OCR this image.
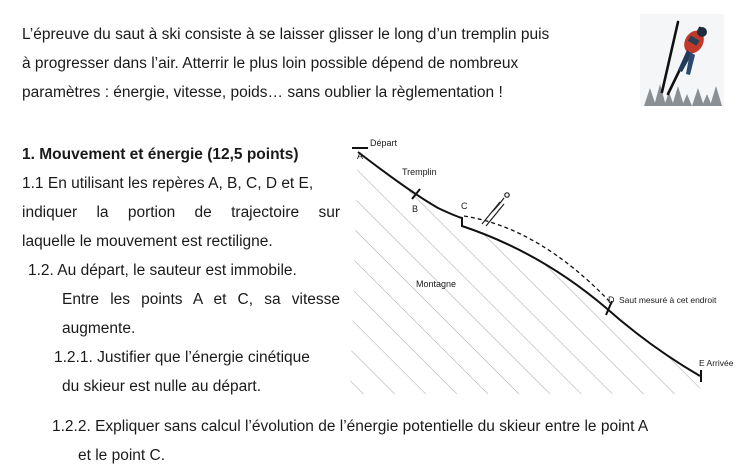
L’épreuve du saut à ski consiste à se laisser glisser le long d’un tremplin puis
à progresser dans l’air. Atterrir le plus loin possible dépend de nombreux
paramètres : énergie, vitesse, poids… sans oublier la règlementation !
1. Mouvement et énergie (12,5 points)
1.1 En utilisant les repères A, B, C, D et E,
indiquer la portion de trajectoire sur
laquelle le mouvement est rectiligne.
1.2. Au départ, le sauteur est immobile.
Entre les points A et C, sa vitesse
augmente.
1.2.1. Justifier que l’énergie cinétique
du skieur est nulle au départ.
Départ
A
Tremplin
B	C
Montagne
D Saut mesuré à cet endroit
E Arrivée
1.2.2. Expliquer sans calcul l’évolution de l’énergie potentielle du skieur entre le point A
et le point C.
